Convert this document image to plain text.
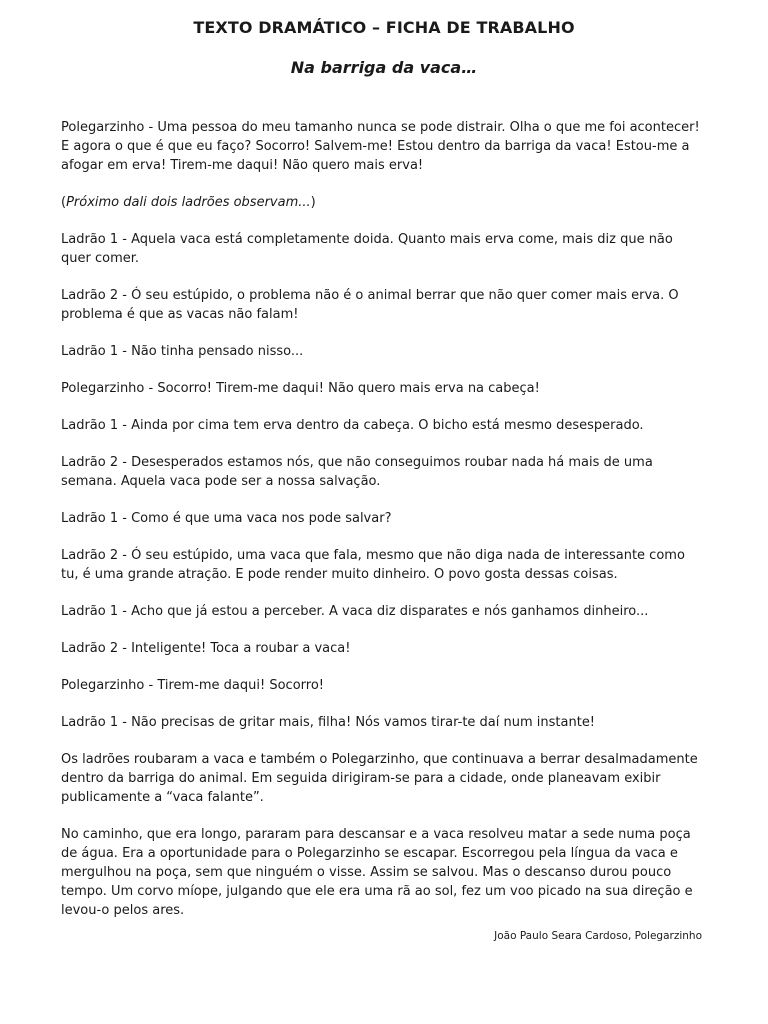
TEXTO DRAMÁTICO – FICHA DE TRABALHO
Na barriga da vaca…

Polegarzinho - Uma pessoa do meu tamanho nunca se pode distrair. Olha o que me foi acontecer! E agora o que é que eu faço? Socorro! Salvem-me! Estou dentro da barriga da vaca! Estou-me a afogar em erva! Tirem-me daqui! Não quero mais erva!

(Próximo dali dois ladrões observam...)

Ladrão 1 - Aquela vaca está completamente doida. Quanto mais erva come, mais diz que não quer comer.

Ladrão 2 - Ó seu estúpido, o problema não é o animal berrar que não quer comer mais erva. O problema é que as vacas não falam!

Ladrão 1 - Não tinha pensado nisso...

Polegarzinho - Socorro! Tirem-me daqui! Não quero mais erva na cabeça!

Ladrão 1 - Ainda por cima tem erva dentro da cabeça. O bicho está mesmo desesperado.

Ladrão 2 - Desesperados estamos nós, que não conseguimos roubar nada há mais de uma semana. Aquela vaca pode ser a nossa salvação.

Ladrão 1 - Como é que uma vaca nos pode salvar?

Ladrão 2 - Ó seu estúpido, uma vaca que fala, mesmo que não diga nada de interessante como tu, é uma grande atração. E pode render muito dinheiro. O povo gosta dessas coisas.

Ladrão 1 - Acho que já estou a perceber. A vaca diz disparates e nós ganhamos dinheiro...

Ladrão 2 - Inteligente! Toca a roubar a vaca!

Polegarzinho - Tirem-me daqui! Socorro!

Ladrão 1 - Não precisas de gritar mais, filha! Nós vamos tirar-te daí num instante!

Os ladrões roubaram a vaca e também o Polegarzinho, que continuava a berrar desalmadamente dentro da barriga do animal. Em seguida dirigiram-se para a cidade, onde planeavam exibir publicamente a “vaca falante”.

No caminho, que era longo, pararam para descansar e a vaca resolveu matar a sede numa poça de água. Era a oportunidade para o Polegarzinho se escapar. Escorregou pela língua da vaca e mergulhou na poça, sem que ninguém o visse. Assim se salvou. Mas o descanso durou pouco tempo. Um corvo míope, julgando que ele era uma rã ao sol, fez um voo picado na sua direção e levou-o pelos ares.

João Paulo Seara Cardoso, Polegarzinho
